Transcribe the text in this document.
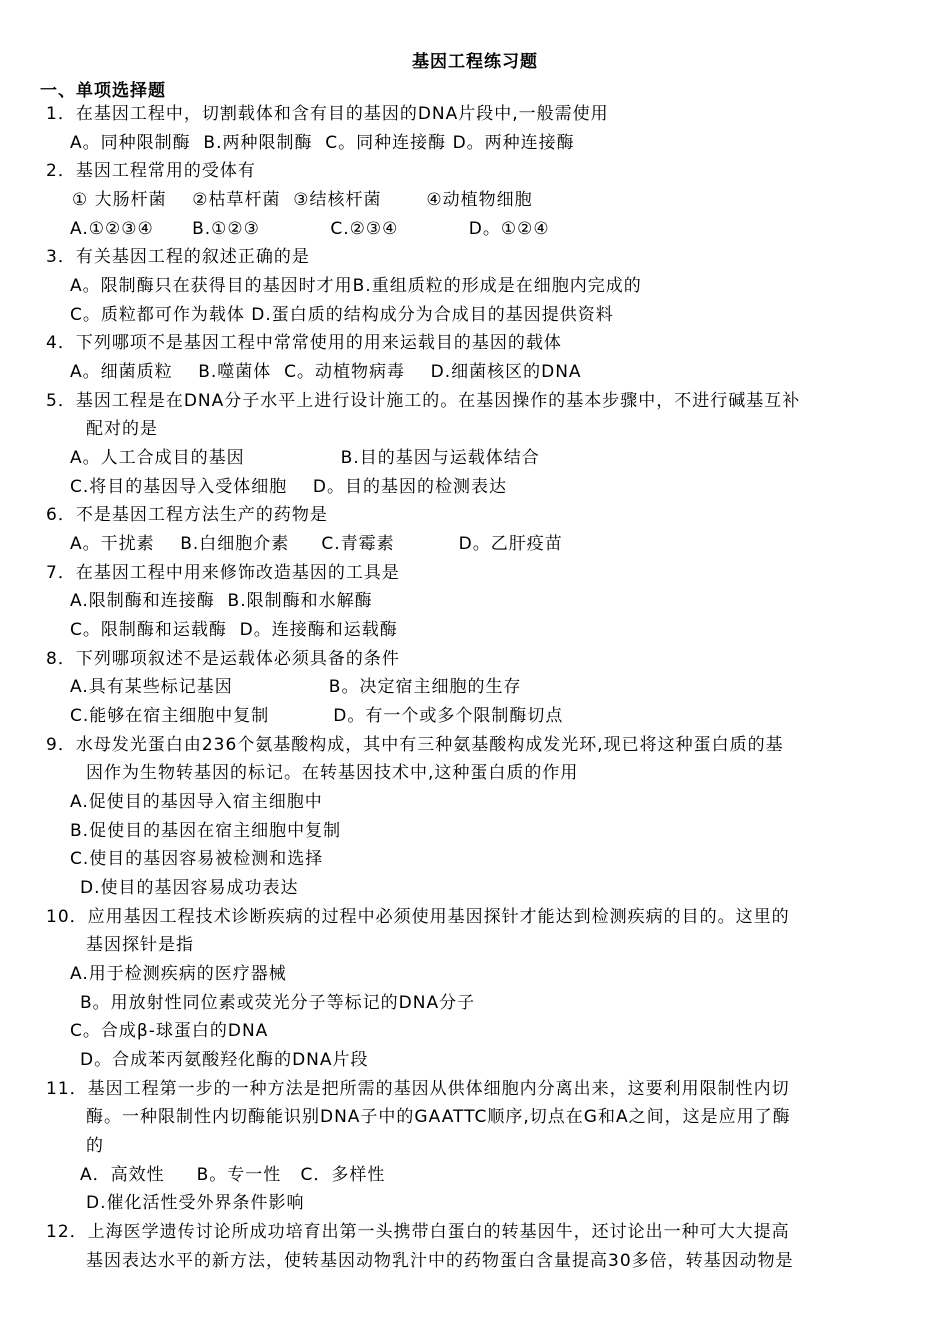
基因工程练习题
一、单项选择题
1．在基因工程中，切割载体和含有目的基因的DNA片段中,一般需使用
A。同种限制酶  B.两种限制酶  C。同种连接酶 D。两种连接酶
2．基因工程常用的受体有
① 大肠杆菌    ②枯草杆菌  ③结核杆菌       ④动植物细胞
A.①②③④      B.①②③           C.②③④           D。①②④
3．有关基因工程的叙述正确的是
A。限制酶只在获得目的基因时才用B.重组质粒的形成是在细胞内完成的
C。质粒都可作为载体 D.蛋白质的结构成分为合成目的基因提供资料
4．下列哪项不是基因工程中常常使用的用来运载目的基因的载体
A。细菌质粒    B.噬菌体  C。动植物病毒    D.细菌核区的DNA
5．基因工程是在DNA分子水平上进行设计施工的。在基因操作的基本步骤中，不进行碱基互补
配对的是
A。人工合成目的基因               B.目的基因与运载体结合
C.将目的基因导入受体细胞    D。目的基因的检测表达
6．不是基因工程方法生产的药物是
A。干扰素    B.白细胞介素     C.青霉素          D。乙肝疫苗
7．在基因工程中用来修饰改造基因的工具是
A.限制酶和连接酶  B.限制酶和水解酶
C。限制酶和运载酶  D。连接酶和运载酶
8．下列哪项叙述不是运载体必须具备的条件
A.具有某些标记基因               B。决定宿主细胞的生存
C.能够在宿主细胞中复制          D。有一个或多个限制酶切点
9．水母发光蛋白由236个氨基酸构成，其中有三种氨基酸构成发光环,现已将这种蛋白质的基
因作为生物转基因的标记。在转基因技术中,这种蛋白质的作用
A.促使目的基因导入宿主细胞中
B.促使目的基因在宿主细胞中复制
C.使目的基因容易被检测和选择
D.使目的基因容易成功表达
10．应用基因工程技术诊断疾病的过程中必须使用基因探针才能达到检测疾病的目的。这里的
基因探针是指
A.用于检测疾病的医疗器械
B。用放射性同位素或荧光分子等标记的DNA分子
C。合成β-球蛋白的DNA
D。合成苯丙氨酸羟化酶的DNA片段
11．基因工程第一步的一种方法是把所需的基因从供体细胞内分离出来，这要利用限制性内切
酶。一种限制性内切酶能识别DNA子中的GAATTC顺序,切点在G和A之间，这是应用了酶
的
A．高效性     B。专一性   C．多样性
D.催化活性受外界条件影响
12．上海医学遗传讨论所成功培育出第一头携带白蛋白的转基因牛，还讨论出一种可大大提高
基因表达水平的新方法，使转基因动物乳汁中的药物蛋白含量提高30多倍，转基因动物是
